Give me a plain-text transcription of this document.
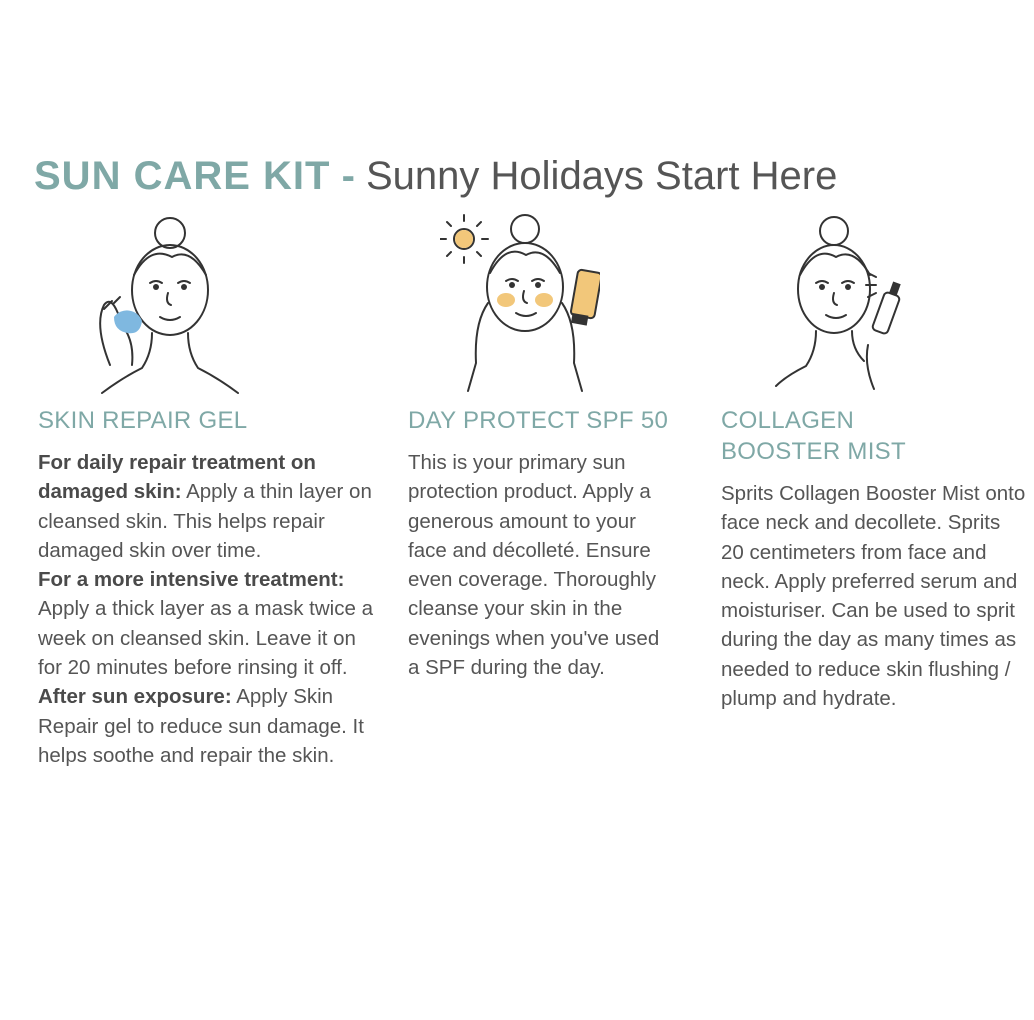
SUN CARE KIT - Sunny Holidays Start Here
SKIN REPAIR GEL

For daily repair treatment on damaged skin: Apply a thin layer on cleansed skin. This helps repair damaged skin over time.
For a more intensive treatment: Apply a thick layer as a mask twice a week on cleansed skin. Leave it on for 20 minutes before rinsing it off.
After sun exposure: Apply Skin Repair gel to reduce sun damage. It helps soothe and repair the skin.

DAY PROTECT SPF 50

This is your primary sun protection product. Apply a generous amount to your face and décolleté. Ensure even coverage. Thoroughly cleanse your skin in the evenings when you've used a SPF during the day.

COLLAGEN BOOSTER MIST

Sprits Collagen Booster Mist onto face neck and decollete. Sprits 20 centimeters from face and neck. Apply preferred serum and moisturiser. Can be used to sprit during the day as many times as needed to reduce skin flushing / plump and hydrate.
